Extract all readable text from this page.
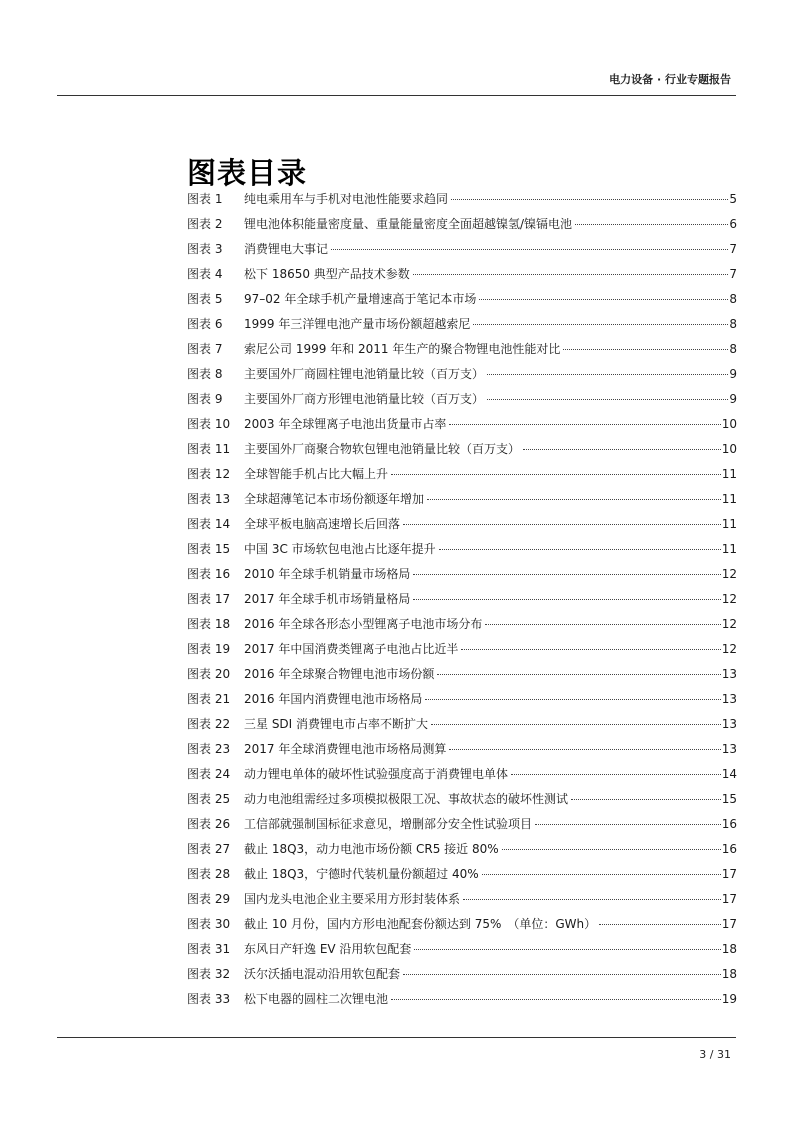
电力设备 · 行业专题报告
图表目录
图表 1	纯电乘用车与手机对电池性能要求趋同	5
图表 2	锂电池体积能量密度量、重量能量密度全面超越镍氢/镍镉电池	6
图表 3	消费锂电大事记	7
图表 4	松下 18650 典型产品技术参数	7
图表 5	97–02 年全球手机产量增速高于笔记本市场	8
图表 6	1999 年三洋锂电池产量市场份额超越索尼	8
图表 7	索尼公司 1999 年和 2011 年生产的聚合物锂电池性能对比	8
图表 8	主要国外厂商圆柱锂电池销量比较（百万支）	9
图表 9	主要国外厂商方形锂电池销量比较（百万支）	9
图表 10	2003 年全球锂离子电池出货量市占率	10
图表 11	主要国外厂商聚合物软包锂电池销量比较（百万支）	10
图表 12	全球智能手机占比大幅上升	11
图表 13	全球超薄笔记本市场份额逐年增加	11
图表 14	全球平板电脑高速增长后回落	11
图表 15	中国 3C 市场软包电池占比逐年提升	11
图表 16	2010 年全球手机销量市场格局	12
图表 17	2017 年全球手机市场销量格局	12
图表 18	2016 年全球各形态小型锂离子电池市场分布	12
图表 19	2017 年中国消费类锂离子电池占比近半	12
图表 20	2016 年全球聚合物锂电池市场份额	13
图表 21	2016 年国内消费锂电池市场格局	13
图表 22	三星 SDI 消费锂电市占率不断扩大	13
图表 23	2017 年全球消费锂电池市场格局测算	13
图表 24	动力锂电单体的破坏性试验强度高于消费锂电单体	14
图表 25	动力电池组需经过多项模拟极限工况、事故状态的破坏性测试	15
图表 26	工信部就强制国标征求意见，增删部分安全性试验项目	16
图表 27	截止 18Q3，动力电池市场份额 CR5 接近 80%	16
图表 28	截止 18Q3，宁德时代装机量份额超过 40%	17
图表 29	国内龙头电池企业主要采用方形封装体系	17
图表 30	截止 10 月份，国内方形电池配套份额达到 75%　（单位：GWh）	17
图表 31	东风日产轩逸 EV 沿用软包配套	18
图表 32	沃尔沃插电混动沿用软包配套	18
图表 33	松下电器的圆柱二次锂电池	19
3 / 31
